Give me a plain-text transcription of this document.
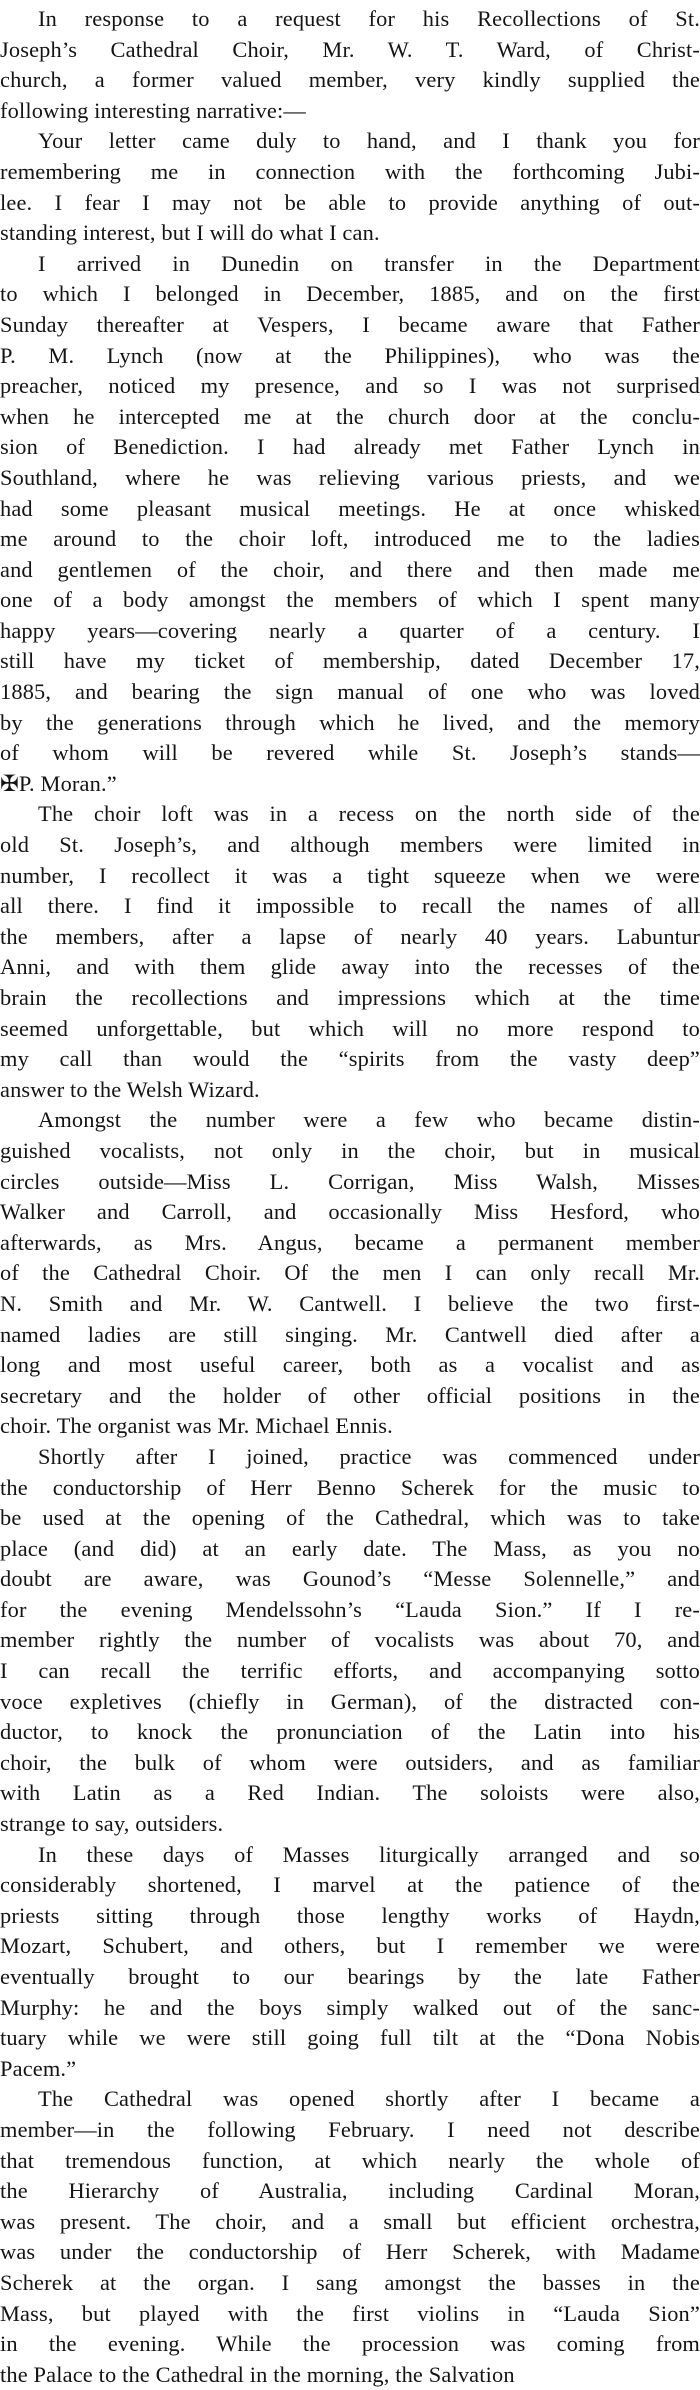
In response to a request for his Recollections of St.
Joseph’s Cathedral Choir, Mr. W. T. Ward, of Christ-
church, a former valued member, very kindly supplied the
following interesting narrative:—
Your letter came duly to hand, and I thank you for
remembering me in connection with the forthcoming Jubi-
lee. I fear I may not be able to provide anything of out-
standing interest, but I will do what I can.
I arrived in Dunedin on transfer in the Department
to which I belonged in December, 1885, and on the first
Sunday thereafter at Vespers, I became aware that Father
P. M. Lynch (now at the Philippines), who was the
preacher, noticed my presence, and so I was not surprised
when he intercepted me at the church door at the conclu-
sion of Benediction. I had already met Father Lynch in
Southland, where he was relieving various priests, and we
had some pleasant musical meetings. He at once whisked
me around to the choir loft, introduced me to the ladies
and gentlemen of the choir, and there and then made me
one of a body amongst the members of which I spent many
happy years—covering nearly a quarter of a century. I
still have my ticket of membership, dated December 17,
1885, and bearing the sign manual of one who was loved
by the generations through which he lived, and the memory
of whom will be revered while St. Joseph’s stands—
✠P. Moran.”
The choir loft was in a recess on the north side of the
old St. Joseph’s, and although members were limited in
number, I recollect it was a tight squeeze when we were
all there. I find it impossible to recall the names of all
the members, after a lapse of nearly 40 years. Labuntur
Anni, and with them glide away into the recesses of the
brain the recollections and impressions which at the time
seemed unforgettable, but which will no more respond to
my call than would the “spirits from the vasty deep”
answer to the Welsh Wizard.
Amongst the number were a few who became distin-
guished vocalists, not only in the choir, but in musical
circles outside—Miss L. Corrigan, Miss Walsh, Misses
Walker and Carroll, and occasionally Miss Hesford, who
afterwards, as Mrs. Angus, became a permanent member
of the Cathedral Choir. Of the men I can only recall Mr.
N. Smith and Mr. W. Cantwell. I believe the two first-
named ladies are still singing. Mr. Cantwell died after a
long and most useful career, both as a vocalist and as
secretary and the holder of other official positions in the
choir. The organist was Mr. Michael Ennis.
Shortly after I joined, practice was commenced under
the conductorship of Herr Benno Scherek for the music to
be used at the opening of the Cathedral, which was to take
place (and did) at an early date. The Mass, as you no
doubt are aware, was Gounod’s “Messe Solennelle,” and
for the evening Mendelssohn’s “Lauda Sion.” If I re-
member rightly the number of vocalists was about 70, and
I can recall the terrific efforts, and accompanying sotto
voce expletives (chiefly in German), of the distracted con-
ductor, to knock the pronunciation of the Latin into his
choir, the bulk of whom were outsiders, and as familiar
with Latin as a Red Indian. The soloists were also,
strange to say, outsiders.
In these days of Masses liturgically arranged and so
considerably shortened, I marvel at the patience of the
priests sitting through those lengthy works of Haydn,
Mozart, Schubert, and others, but I remember we were
eventually brought to our bearings by the late Father
Murphy: he and the boys simply walked out of the sanc-
tuary while we were still going full tilt at the “Dona Nobis
Pacem.”
The Cathedral was opened shortly after I became a
member—in the following February. I need not describe
that tremendous function, at which nearly the whole of
the Hierarchy of Australia, including Cardinal Moran,
was present. The choir, and a small but efficient orchestra,
was under the conductorship of Herr Scherek, with Madame
Scherek at the organ. I sang amongst the basses in the
Mass, but played with the first violins in “Lauda Sion”
in the evening. While the procession was coming from
the Palace to the Cathedral in the morning, the Salvation
